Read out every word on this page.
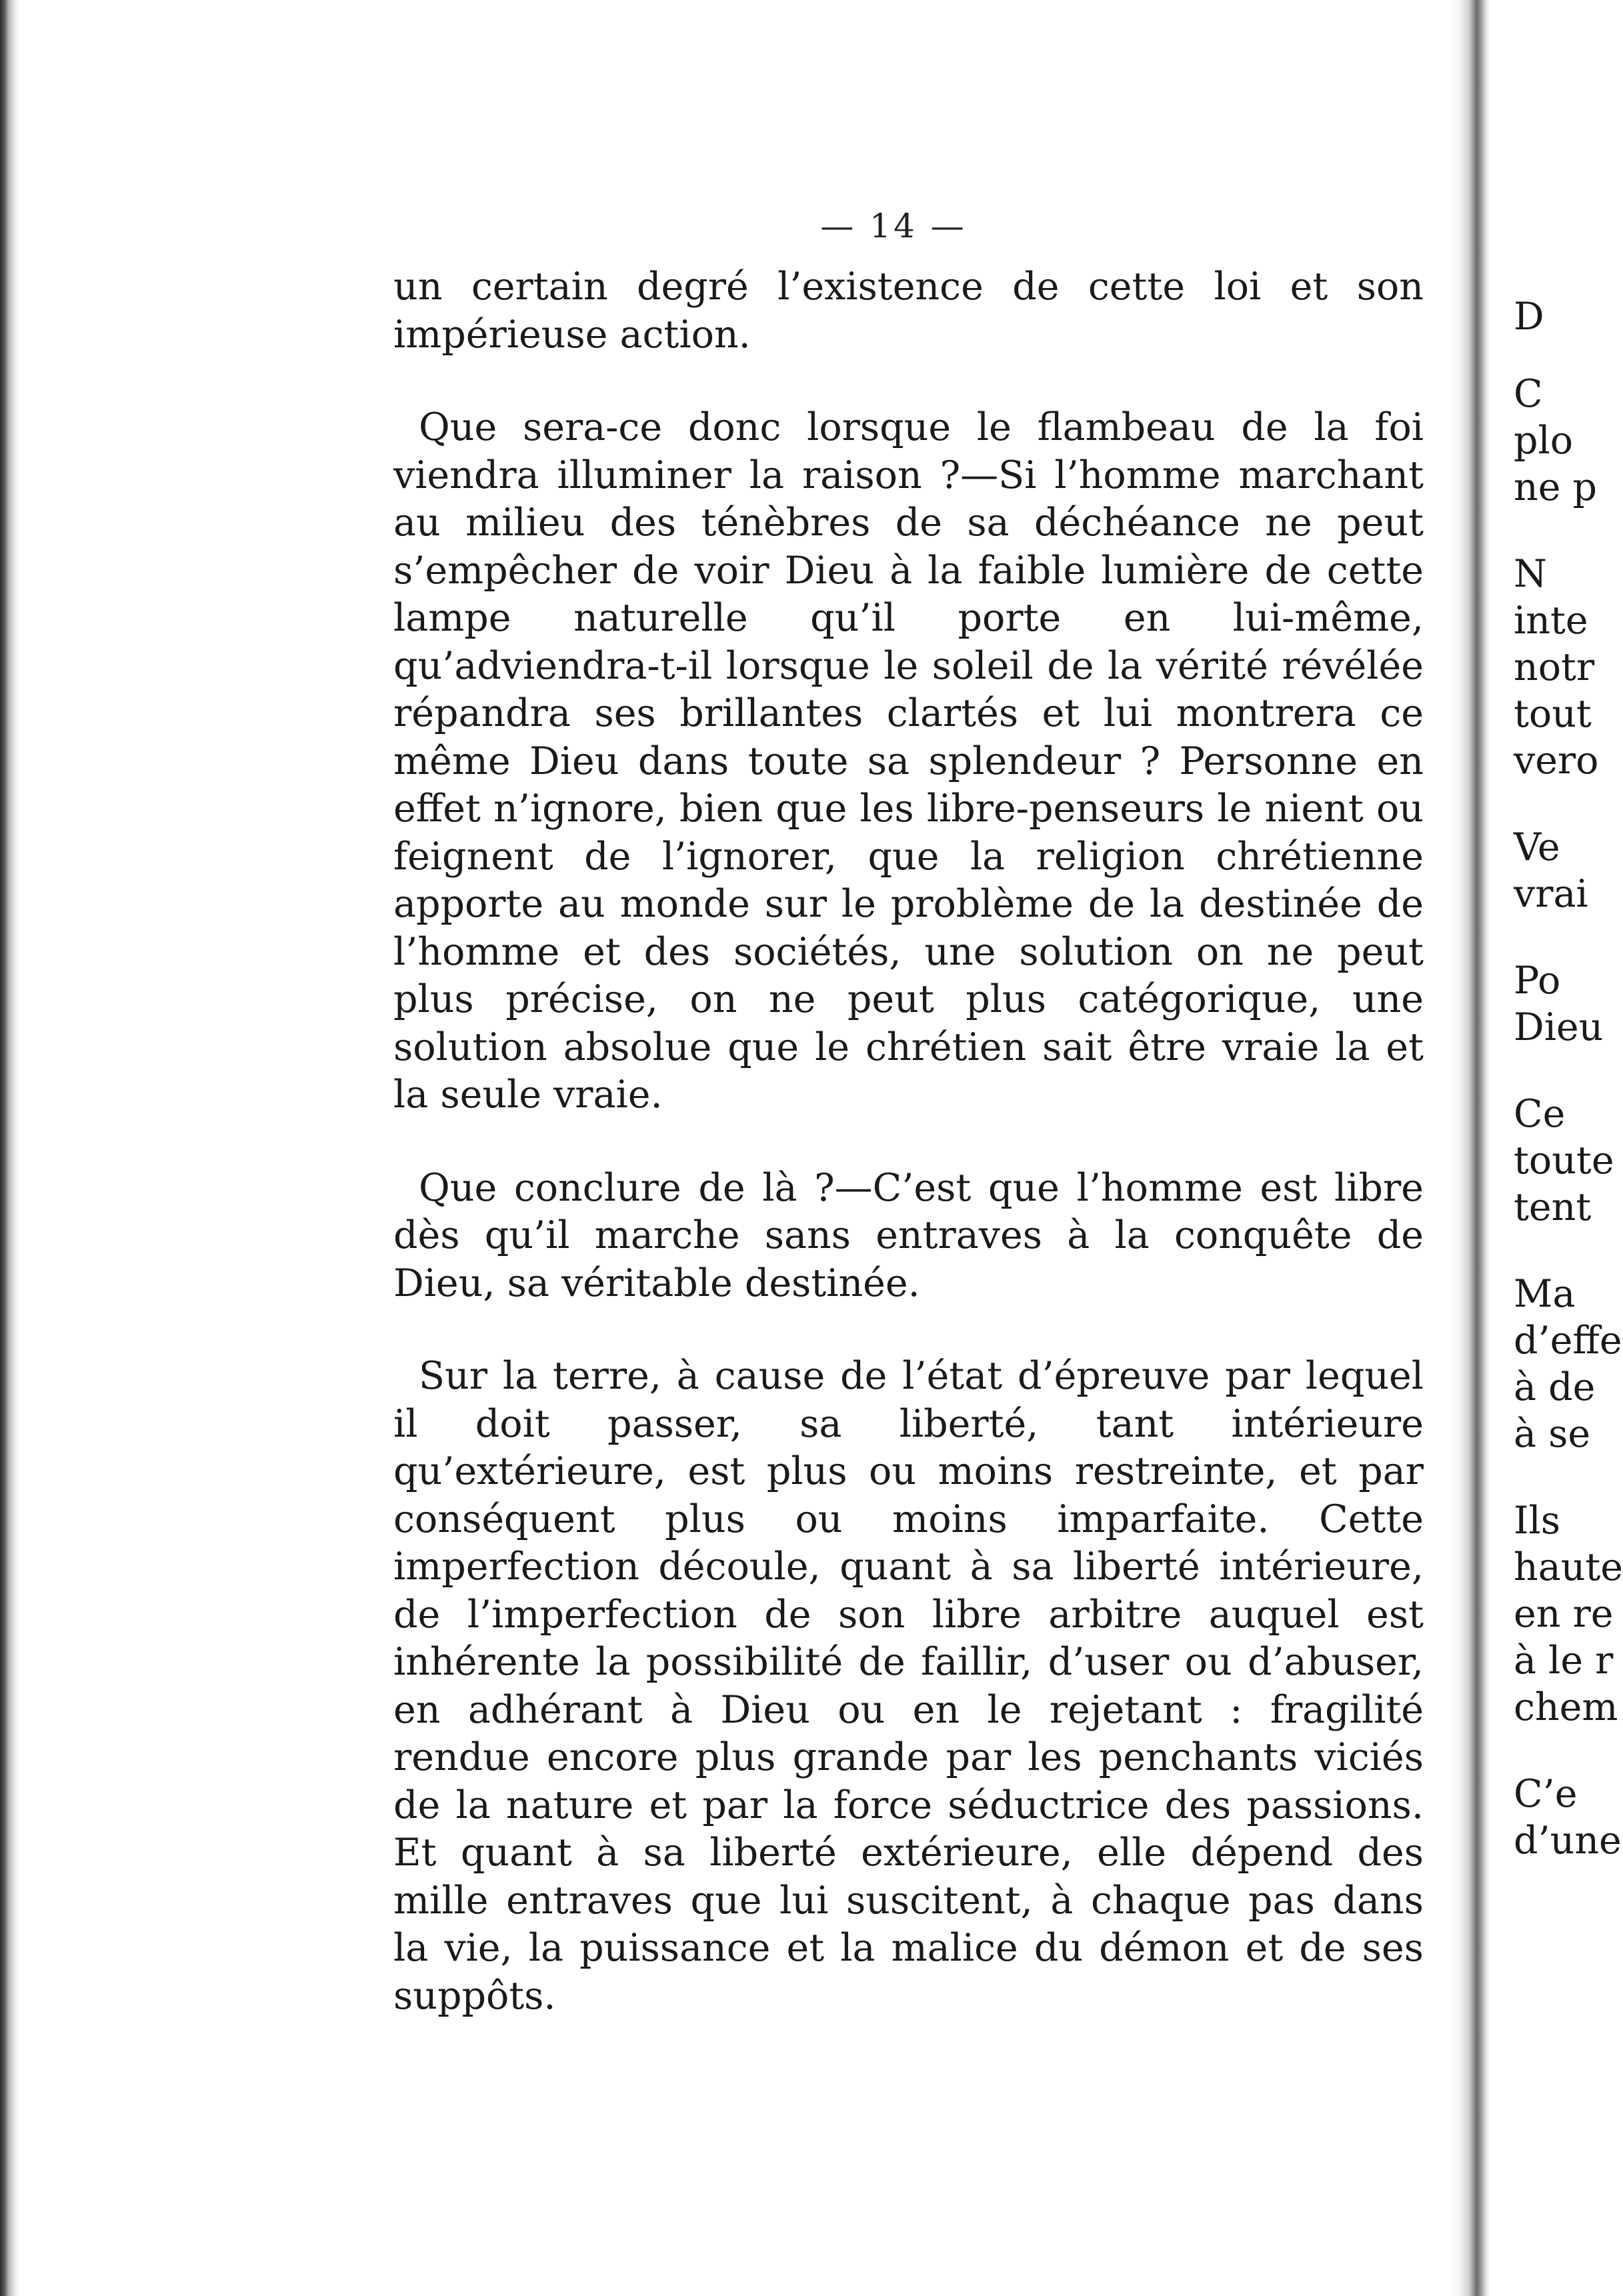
— 14 —

un certain degré l’existence de cette loi et son impérieuse action.

Que sera-ce donc lorsque le flambeau de la foi viendra illuminer la raison ?—Si l’homme marchant au milieu des ténèbres de sa déchéance ne peut s’empêcher de voir Dieu à la faible lumière de cette lampe naturelle qu’il porte en lui-même, qu’adviendra-t-il lorsque le soleil de la vérité révélée répandra ses brillantes clartés et lui montrera ce même Dieu dans toute sa splendeur ? Personne en effet n’ignore, bien que les libre-penseurs le nient ou feignent de l’ignorer, que la religion chrétienne apporte au monde sur le problème de la destinée de l’homme et des sociétés, une solution on ne peut plus précise, on ne peut plus catégorique, une solution absolue que le chrétien sait être vraie la et la seule vraie.

Que conclure de là ?—C’est que l’homme est libre dès qu’il marche sans entraves à la conquête de Dieu, sa véritable destinée.

Sur la terre, à cause de l’état d’épreuve par lequel il doit passer, sa liberté, tant intérieure qu’extérieure, est plus ou moins restreinte, et par conséquent plus ou moins imparfaite. Cette imperfection découle, quant à sa liberté intérieure, de l’imperfection de son libre arbitre auquel est inhérente la possibilité de faillir, d’user ou d’abuser, en adhérant à Dieu ou en le rejetant : fragilité rendue encore plus grande par les penchants viciés de la nature et par la force séductrice des passions. Et quant à sa liberté extérieure, elle dépend des mille entraves que lui suscitent, à chaque pas dans la vie, la puissance et la malice du démon et de ses suppôts.

D
C
plo
ne p
N
inte
notr
tout
vero
Ve
vrai
Po
Dieu
Ce
toute
tent
Ma
d’effe
à de
à se
Ils
haute
en re
à le r
chem
C’e
d’une
